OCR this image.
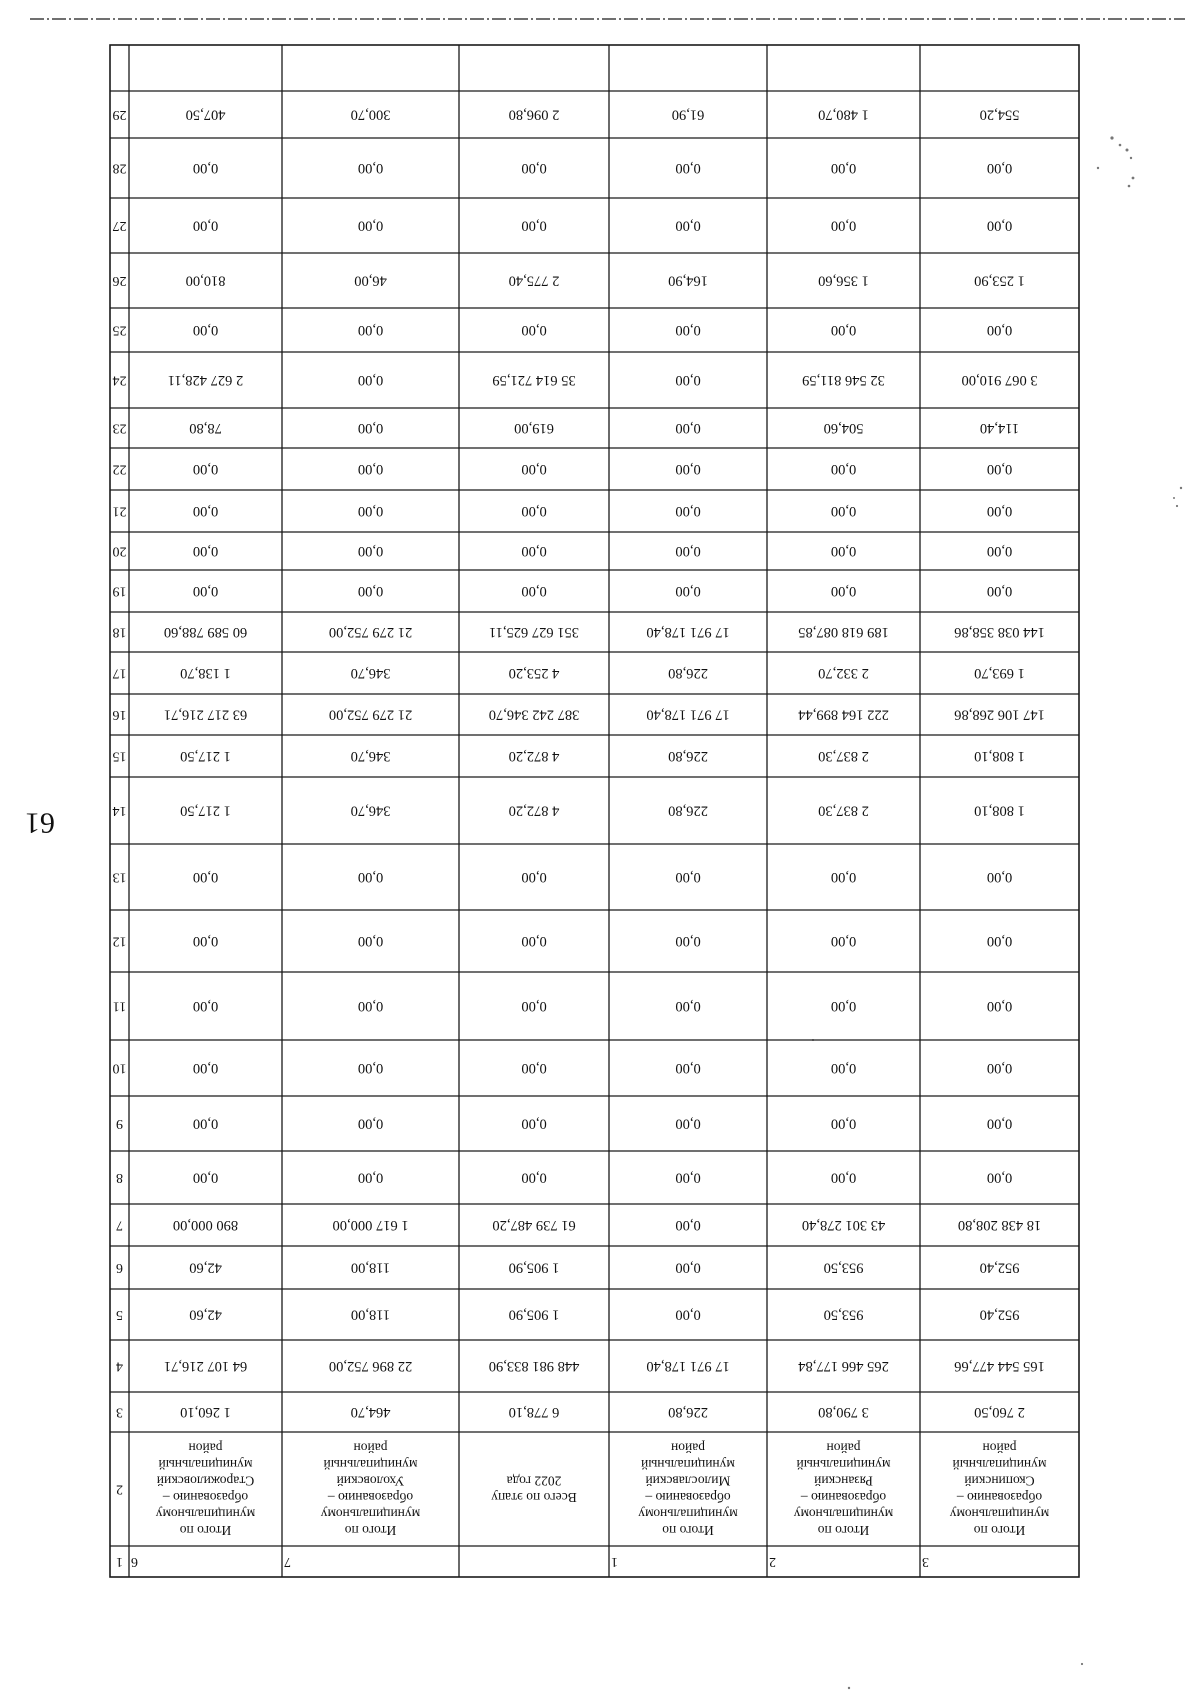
61
1
2
3
4
5
6
7
8
9
10
11
12
13
14
15
16
17
18
19
20
21
22
23
24
25
26
27
28
29
6
Итого по
муниципальному
образованию –
Старожиловский
муниципальный
район
1 260,10
64 107 216,71
42,60
42,60
890 000,00
0,00
0,00
0,00
0,00
0,00
0,00
1 217,50
1 217,50
63 217 216,71
1 138,70
60 589 788,60
0,00
0,00
0,00
0,00
78,80
2 627 428,11
0,00
810,00
0,00
0,00
407,50
7
Итого по
муниципальному
образованию –
Ухоловский
муниципальный
район
464,70
22 896 752,00
118,00
118,00
1 617 000,00
0,00
0,00
0,00
0,00
0,00
0,00
346,70
346,70
21 279 752,00
346,70
21 279 752,00
0,00
0,00
0,00
0,00
0,00
0,00
0,00
46,00
0,00
0,00
300,70
Всего по этапу
2022 года
6 778,10
448 981 833,90
1 905,90
1 905,90
61 739 487,20
0,00
0,00
0,00
0,00
0,00
0,00
4 872,20
4 872,20
387 242 346,70
4 253,20
351 627 625,11
0,00
0,00
0,00
0,00
619,00
35 614 721,59
0,00
2 775,40
0,00
0,00
2 096,80
1
Итого по
муниципальному
образованию –
Милославский
муниципальный
район
226,80
17 971 178,40
0,00
0,00
0,00
0,00
0,00
0,00
0,00
0,00
0,00
226,80
226,80
17 971 178,40
226,80
17 971 178,40
0,00
0,00
0,00
0,00
0,00
0,00
0,00
164,90
0,00
0,00
61,90
2
Итого по
муниципальному
образованию –
Рязанский
муниципальный
район
3 790,80
265 466 177,84
953,50
953,50
43 301 278,40
0,00
0,00
0,00
0,00
0,00
0,00
2 837,30
2 837,30
222 164 899,44
2 332,70
189 618 087,85
0,00
0,00
0,00
0,00
504,60
32 546 811,59
0,00
1 356,60
0,00
0,00
1 480,70
3
Итого по
муниципальному
образованию –
Скопинский
муниципальный
район
2 760,50
165 544 477,66
952,40
952,40
18 438 208,80
0,00
0,00
0,00
0,00
0,00
0,00
1 808,10
1 808,10
147 106 268,86
1 693,70
144 038 358,86
0,00
0,00
0,00
0,00
114,40
3 067 910,00
0,00
1 253,90
0,00
0,00
554,20
